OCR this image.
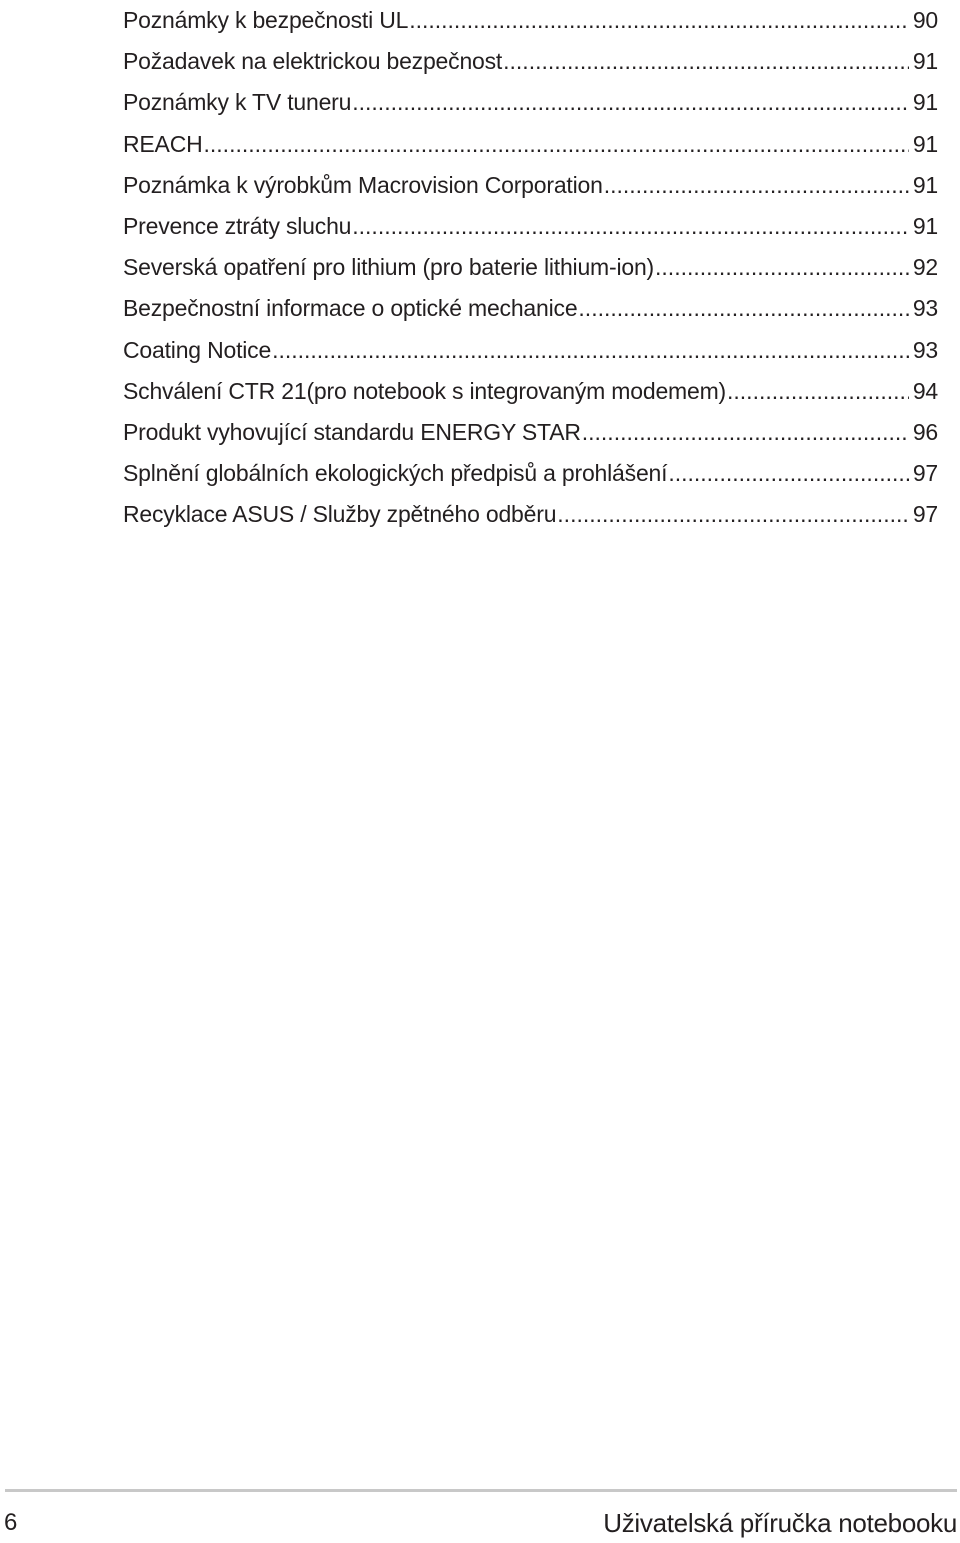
Poznámky k bezpečnosti UL .....	90
Požadavek na elektrickou bezpečnost .....	91
Poznámky k TV tuneru .....	91
REACH .....	91
Poznámka k výrobkům Macrovision Corporation .....	91
Prevence ztráty sluchu .....	91
Severská opatření pro lithium (pro baterie lithium-ion) .....	92
Bezpečnostní informace o optické mechanice .....	93
Coating Notice .....	93
Schválení CTR 21(pro notebook s integrovaným modemem) .....	94
Produkt vyhovující standardu ENERGY STAR .....	96
Splnění globálních ekologických předpisů a prohlášení .....	97
Recyklace ASUS / Služby zpětného odběru .....	97
6	Uživatelská příručka notebooku
